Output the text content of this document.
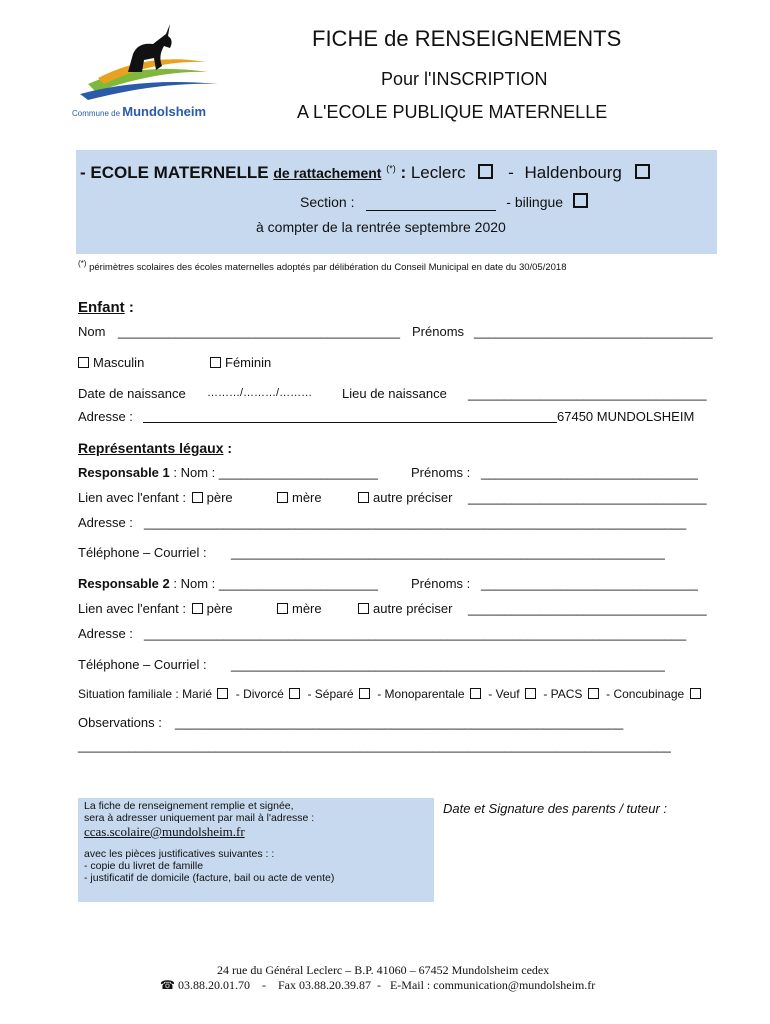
Commune de Mundolsheim
FICHE de RENSEIGNEMENTS
Pour l'INSCRIPTION
A L'ECOLE PUBLIQUE MATERNELLE
- ECOLE MATERNELLE de rattachement (*) : Leclerc - Haldenbourg
Section :	- bilingue
à compter de la rentrée septembre 2020
(*) périmètres scolaires des écoles maternelles adoptés par délibération du Conseil Municipal en date du 30/05/2018
Enfant :
Nom _______________________________________ Prénoms _________________________________
Masculin	Féminin
Date de naissance ………/………/……… Lieu de naissance _________________________________
Adresse :	67450 MUNDOLSHEIM
Représentants légaux :
Responsable 1 : Nom : ______________________	Prénoms : ______________________________
Lien avec l'enfant : père	mère	autre préciser _________________________________
Adresse : ___________________________________________________________________________
Téléphone – Courriel : ____________________________________________________________
Responsable 2 : Nom : ______________________	Prénoms : ______________________________
Lien avec l'enfant : père	mère	autre préciser _________________________________
Adresse : ___________________________________________________________________________
Téléphone – Courriel : ____________________________________________________________
Situation familiale : Marié - Divorcé - Séparé - Monoparentale - Veuf - PACS - Concubinage
Observations : ______________________________________________________________
__________________________________________________________________________________
La fiche de renseignement remplie et signée,
sera à adresser uniquement par mail à l'adresse :
ccas.scolaire@mundolsheim.fr
avec les pièces justificatives suivantes : :
- copie du livret de famille
- justificatif de domicile (facture, bail ou acte de vente)
Date et Signature des parents / tuteur :
24 rue du Général Leclerc – B.P. 41060 – 67452 Mundolsheim cedex
☎ 03.88.20.01.70    -    Fax 03.88.20.39.87  -   E-Mail : communication@mundolsheim.fr
